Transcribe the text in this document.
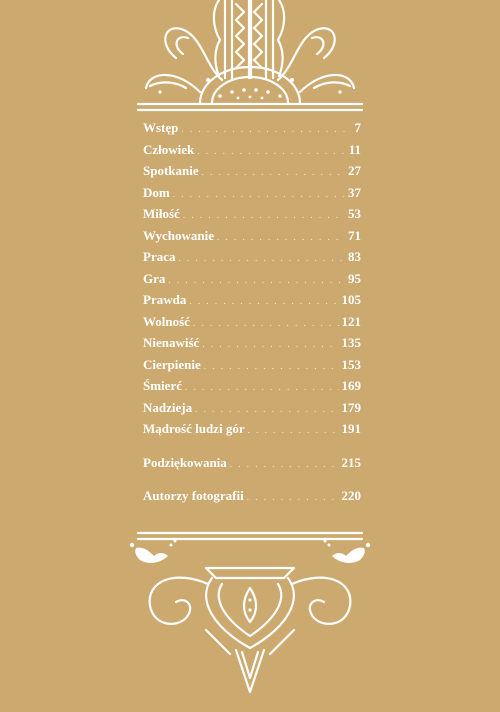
Wstęp . . .	7
Człowiek . . .	11
Spotkanie . . .	27
Dom . . .	37
Miłość . . .	53
Wychowanie . . .	71
Praca . . .	83
Gra . . .	95
Prawda . . .	105
Wolność . . .	121
Nienawiść . . .	135
Cierpienie . . .	153
Śmierć . . .	169
Nadzieja . . .	179
Mądrość ludzi gór . . .	191
Podziękowania . . .	215
Autorzy fotografii . . .	220
